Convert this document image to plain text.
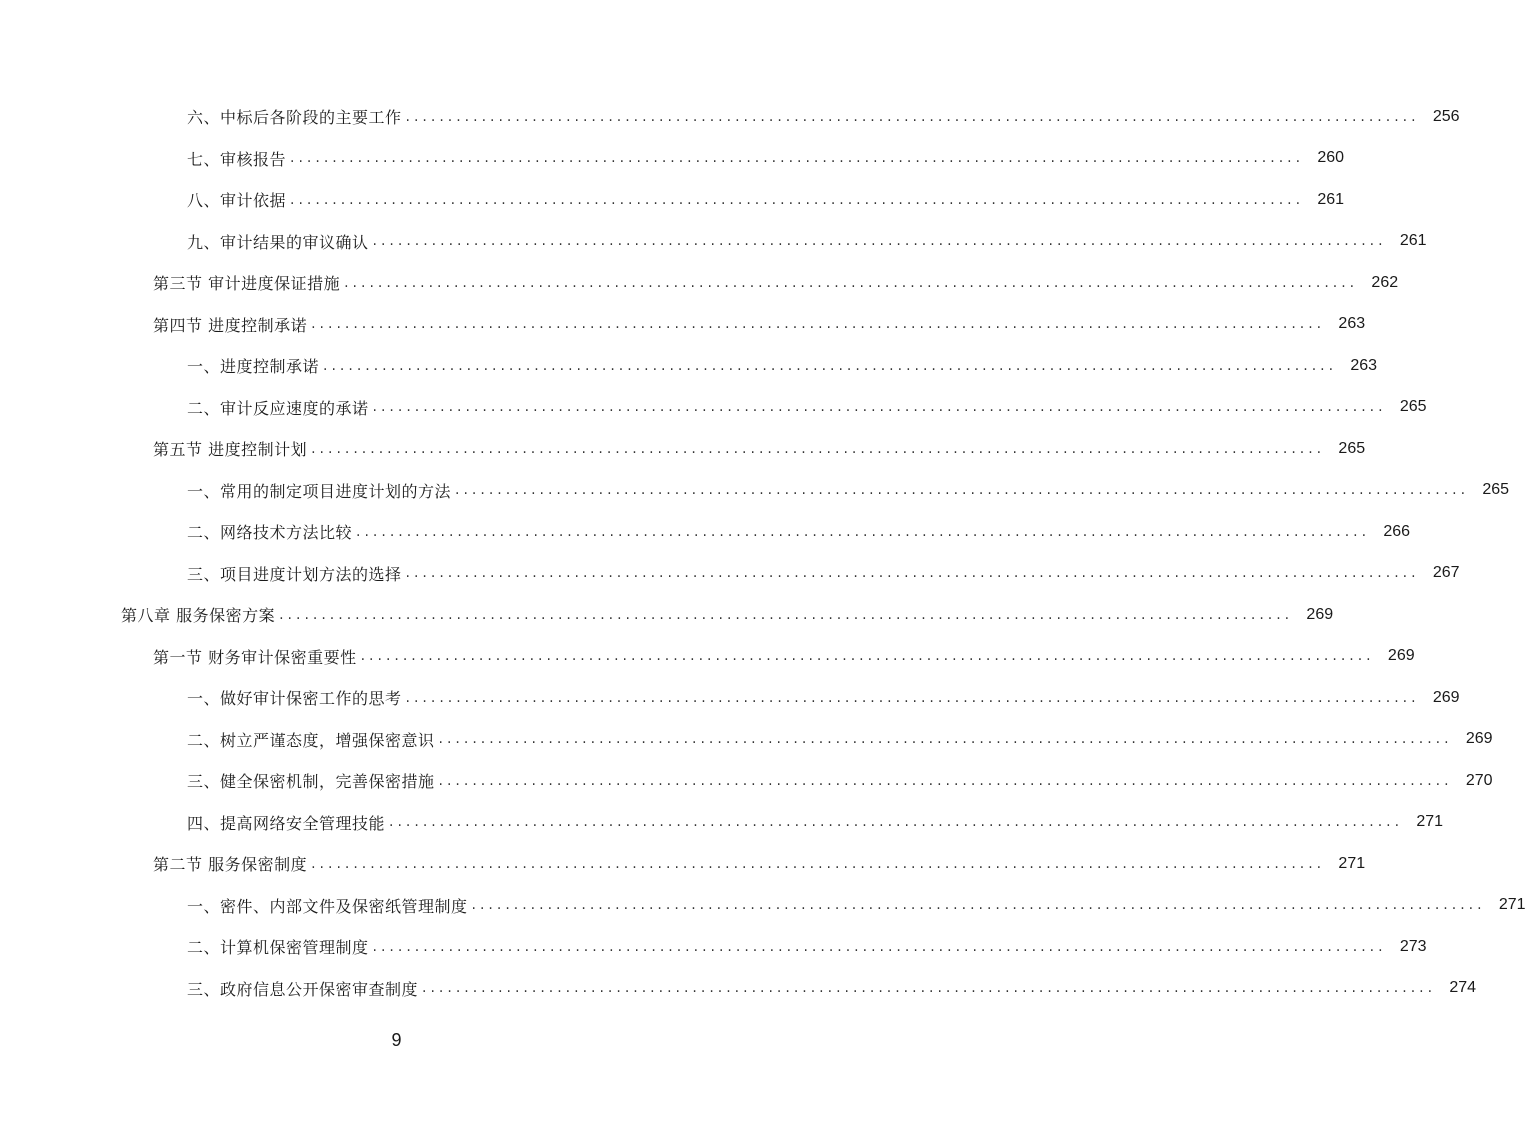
六、中标后各阶段的主要工作 ........................................................................................................................ 256
七、审核报告 ........................................................................................................................ 260
八、审计依据 ........................................................................................................................ 261
九、审计结果的审议确认 ........................................................................................................................ 261
第三节 审计进度保证措施 ........................................................................................................................ 262
第四节 进度控制承诺 ........................................................................................................................ 263
一、进度控制承诺 ........................................................................................................................ 263
二、审计反应速度的承诺 ........................................................................................................................ 265
第五节 进度控制计划 ........................................................................................................................ 265
一、常用的制定项目进度计划的方法 ........................................................................................................................ 265
二、网络技术方法比较 ........................................................................................................................ 266
三、项目进度计划方法的选择 ........................................................................................................................ 267
第八章 服务保密方案 ........................................................................................................................ 269
第一节 财务审计保密重要性 ........................................................................................................................ 269
一、做好审计保密工作的思考 ........................................................................................................................ 269
二、树立严谨态度，增强保密意识 ........................................................................................................................ 269
三、健全保密机制，完善保密措施 ........................................................................................................................ 270
四、提高网络安全管理技能 ........................................................................................................................ 271
第二节 服务保密制度 ........................................................................................................................ 271
一、密件、内部文件及保密纸管理制度 ........................................................................................................................ 271
二、计算机保密管理制度 ........................................................................................................................ 273
三、政府信息公开保密审查制度 ........................................................................................................................ 274
9
